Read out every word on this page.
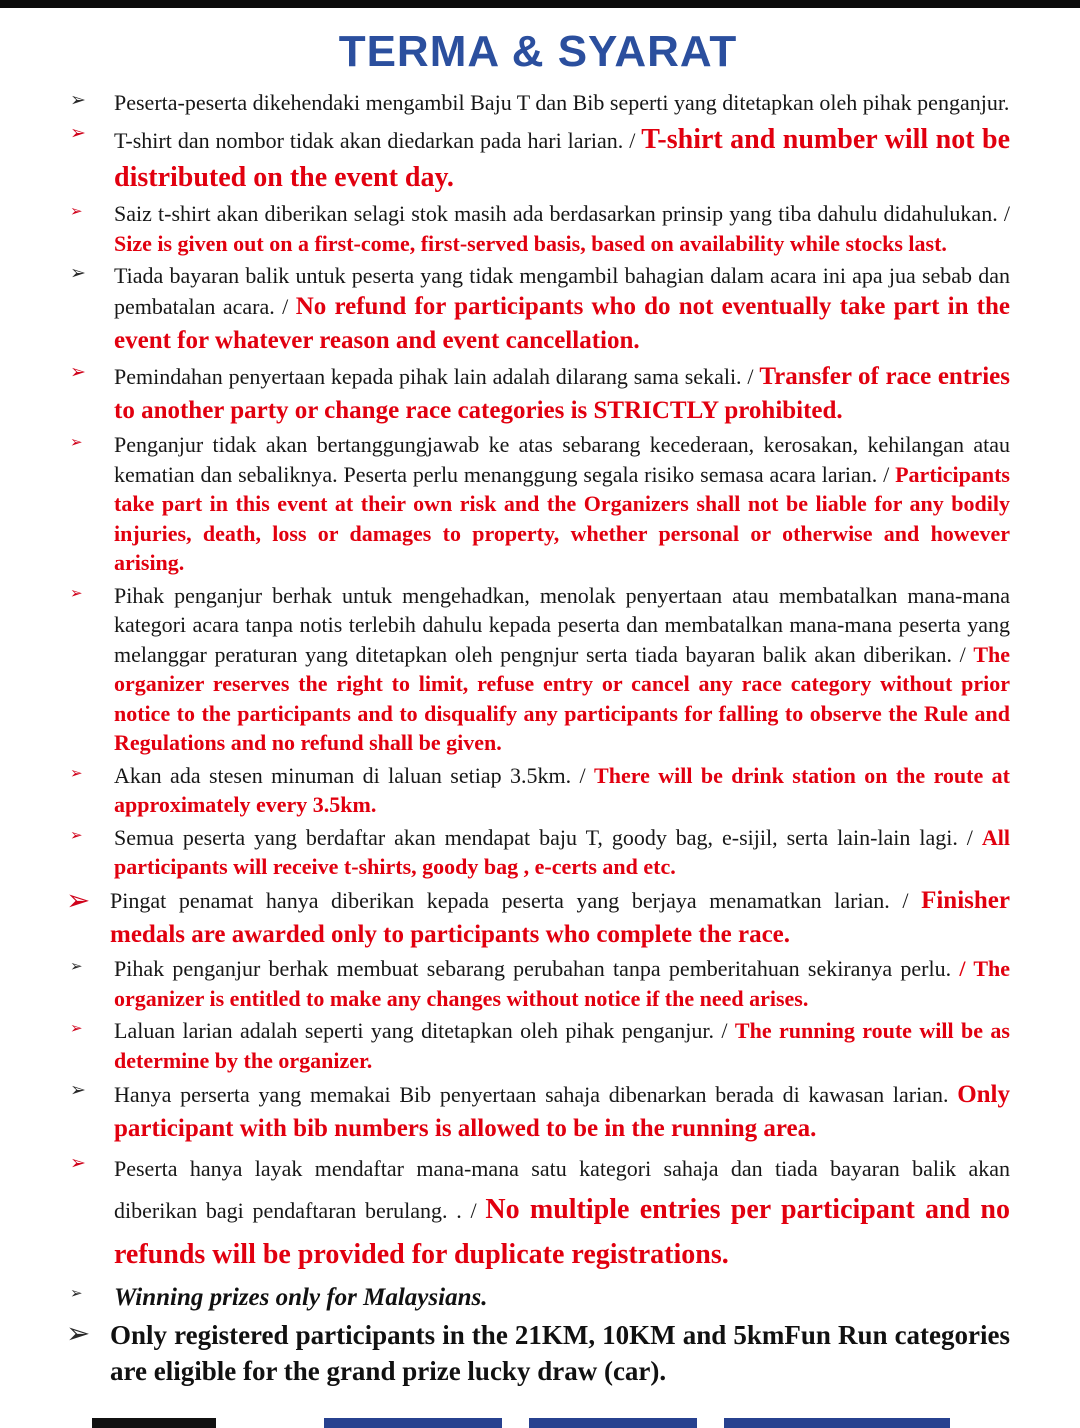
TERMA & SYARAT
➢	Peserta-peserta dikehendaki mengambil Baju T dan Bib seperti yang ditetapkan oleh pihak penganjur.

➢	T-shirt dan nombor tidak akan diedarkan pada hari larian. / T-shirt and number will not be distributed on the event day.

➢	Saiz t-shirt akan diberikan selagi stok masih ada berdasarkan prinsip yang tiba dahulu didahulukan. / Size is given out on a first-come, first-served basis, based on availability while stocks last.

➢	Tiada bayaran balik untuk peserta yang tidak mengambil bahagian dalam acara ini apa jua sebab dan pembatalan acara. / No refund for participants who do not eventually take part in the event for whatever reason and event cancellation.

➢	Pemindahan penyertaan kepada pihak lain adalah dilarang sama sekali. / Transfer of race entries to another party or change race categories is STRICTLY prohibited.

➢	Penganjur tidak akan bertanggungjawab ke atas sebarang kecederaan, kerosakan, kehilangan atau kematian dan sebaliknya. Peserta perlu menanggung segala risiko semasa acara larian. / Participants take part in this event at their own risk and the Organizers shall not be liable for any bodily injuries, death, loss or damages to property, whether personal or otherwise and however arising.

➢	Pihak penganjur berhak untuk mengehadkan, menolak penyertaan atau membatalkan mana-mana kategori acara tanpa notis terlebih dahulu kepada peserta dan membatalkan mana-mana peserta yang melanggar peraturan yang ditetapkan oleh pengnjur serta tiada bayaran balik akan diberikan. / The organizer reserves the right to limit, refuse entry or cancel any race category without prior notice to the participants and to disqualify any participants for falling to observe the Rule and Regulations and no refund shall be given.

➢	Akan ada stesen minuman di laluan setiap 3.5km. / There will be drink station on the route at approximately every 3.5km.

➢	Semua peserta yang berdaftar akan mendapat baju T, goody bag, e-sijil, serta lain-lain lagi. / All participants will receive t-shirts, goody bag , e-certs and etc.

➢ Pingat penamat hanya diberikan kepada peserta yang berjaya menamatkan larian. / Finisher medals are awarded only to participants who complete the race.

➢	Pihak penganjur berhak membuat sebarang perubahan tanpa pemberitahuan sekiranya perlu. / The organizer is entitled to make any changes without notice if the need arises.

➢	Laluan larian adalah seperti yang ditetapkan oleh pihak penganjur. / The running route will be as determine by the organizer.

➢	Hanya perserta yang memakai Bib penyertaan sahaja dibenarkan berada di kawasan larian. Only participant with bib numbers is allowed to be in the running area.

➢	Peserta hanya layak mendaftar mana-mana satu kategori sahaja dan tiada bayaran balik akan diberikan bagi pendaftaran berulang. . / No multiple entries per participant and no refunds will be provided for duplicate registrations.

➢	Winning prizes only for Malaysians.

➢ Only registered participants in the 21KM, 10KM and 5kmFun Run categories are eligible for the grand prize lucky draw (car).
